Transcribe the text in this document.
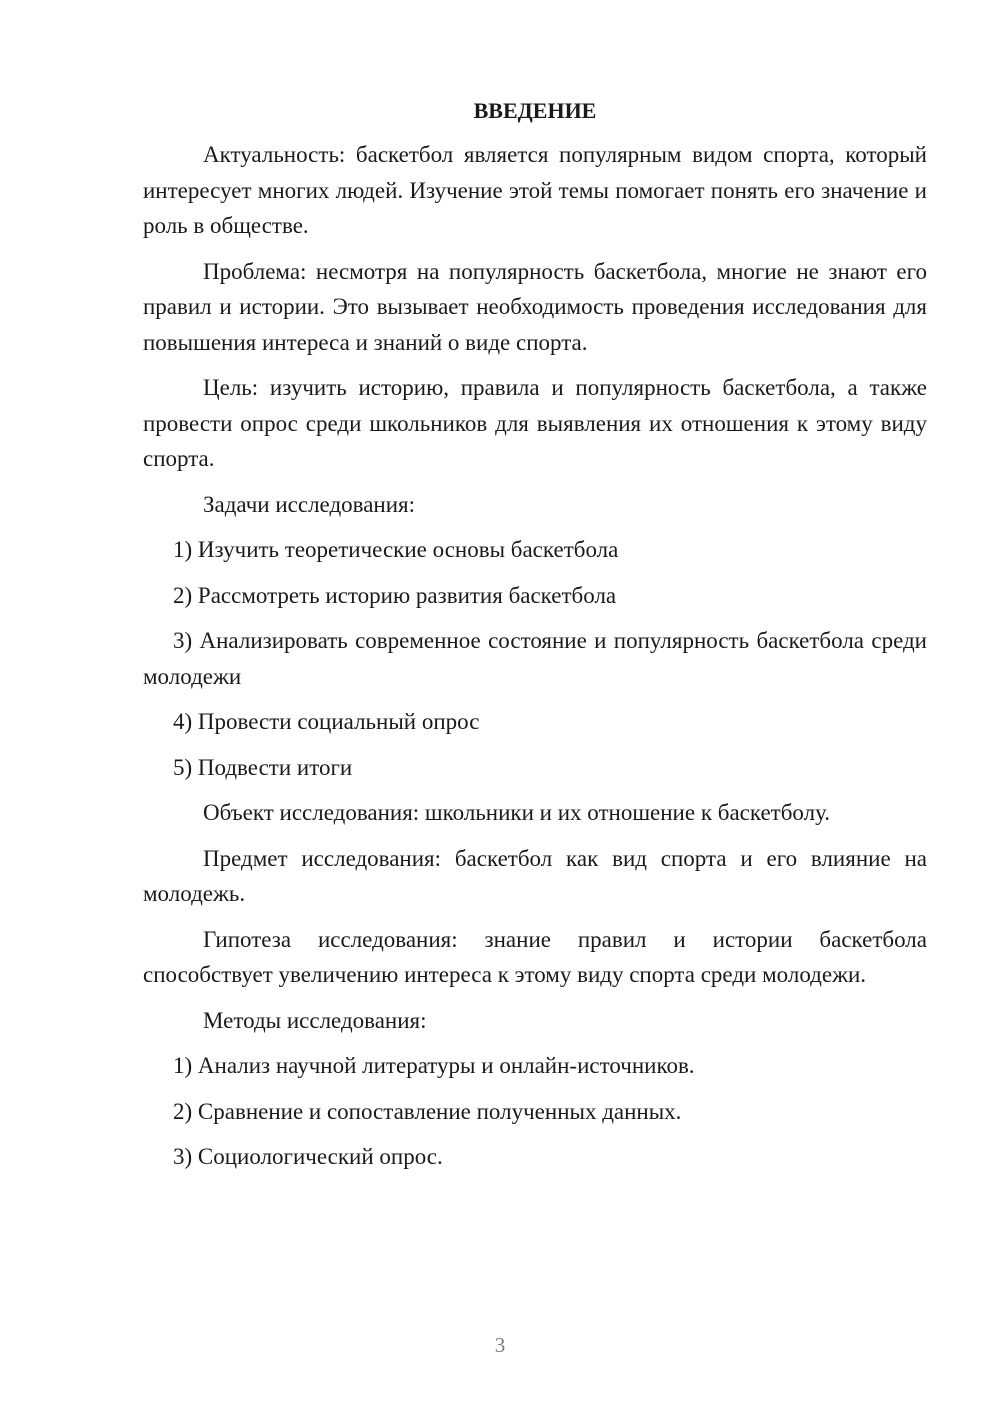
ВВЕДЕНИЕ

Актуальность: баскетбол является популярным видом спорта, который интересует многих людей. Изучение этой темы помогает понять его значение и роль в обществе.

Проблема: несмотря на популярность баскетбола, многие не знают его правил и истории. Это вызывает необходимость проведения исследования для повышения интереса и знаний о виде спорта.

Цель: изучить историю, правила и популярность баскетбола, а также провести опрос среди школьников для выявления их отношения к этому виду спорта.

Задачи исследования:

1) Изучить теоретические основы баскетбола

2) Рассмотреть историю развития баскетбола

3) Анализировать современное состояние и популярность баскетбола среди молодежи

4) Провести социальный опрос

5) Подвести итоги

Объект исследования: школьники и их отношение к баскетболу.

Предмет исследования: баскетбол как вид спорта и его влияние на молодежь.

Гипотеза исследования: знание правил и истории баскетбола способствует увеличению интереса к этому виду спорта среди молодежи.

Методы исследования:

1) Анализ научной литературы и онлайн-источников.

2) Сравнение и сопоставление полученных данных.

3) Социологический опрос.

3
